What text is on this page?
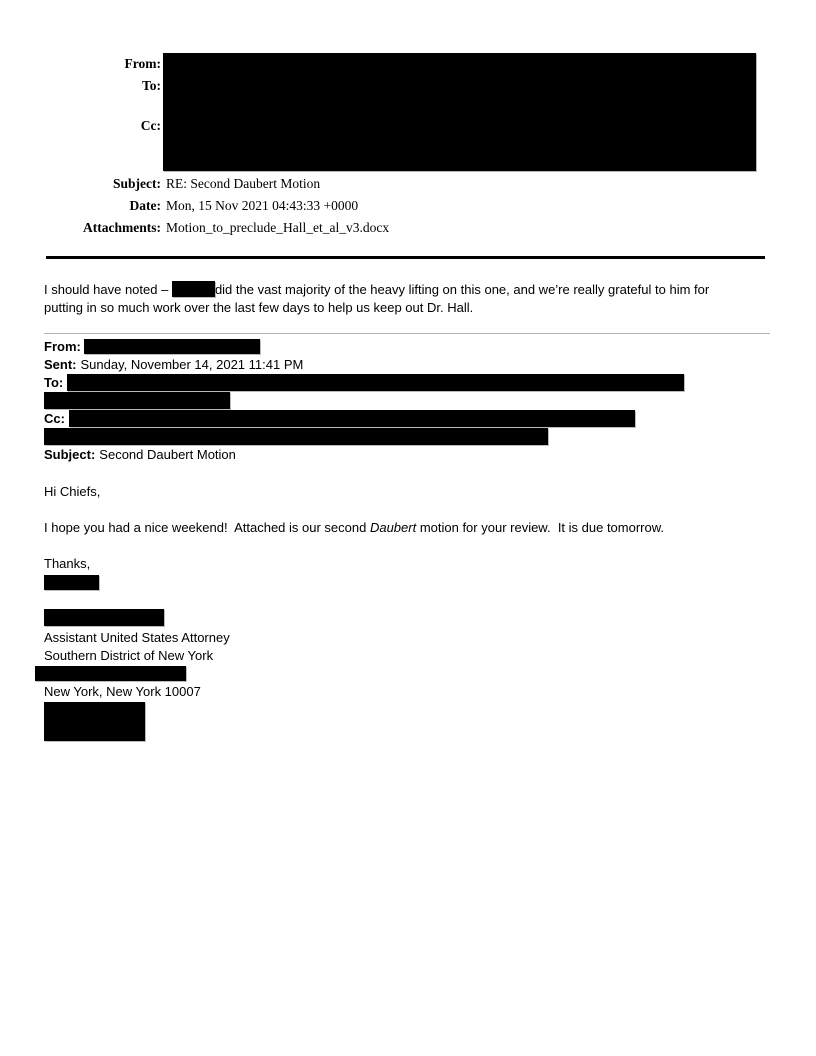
From:
To:
Cc:
Subject: RE: Second Daubert Motion
Date: Mon, 15 Nov 2021 04:43:33 +0000
Attachments: Motion_to_preclude_Hall_et_al_v3.docx

I should have noted –	did the vast majority of the heavy lifting on this one, and we’re really grateful to him for
putting in so much work over the last few days to help us keep out Dr. Hall.

From:
Sent: Sunday, November 14, 2021 11:41 PM
To:
Cc:
Subject: Second Daubert Motion

Hi Chiefs,

I hope you had a nice weekend!  Attached is our second Daubert motion for your review.  It is due tomorrow.

Thanks,

Assistant United States Attorney

Southern District of New York

New York, New York 10007
